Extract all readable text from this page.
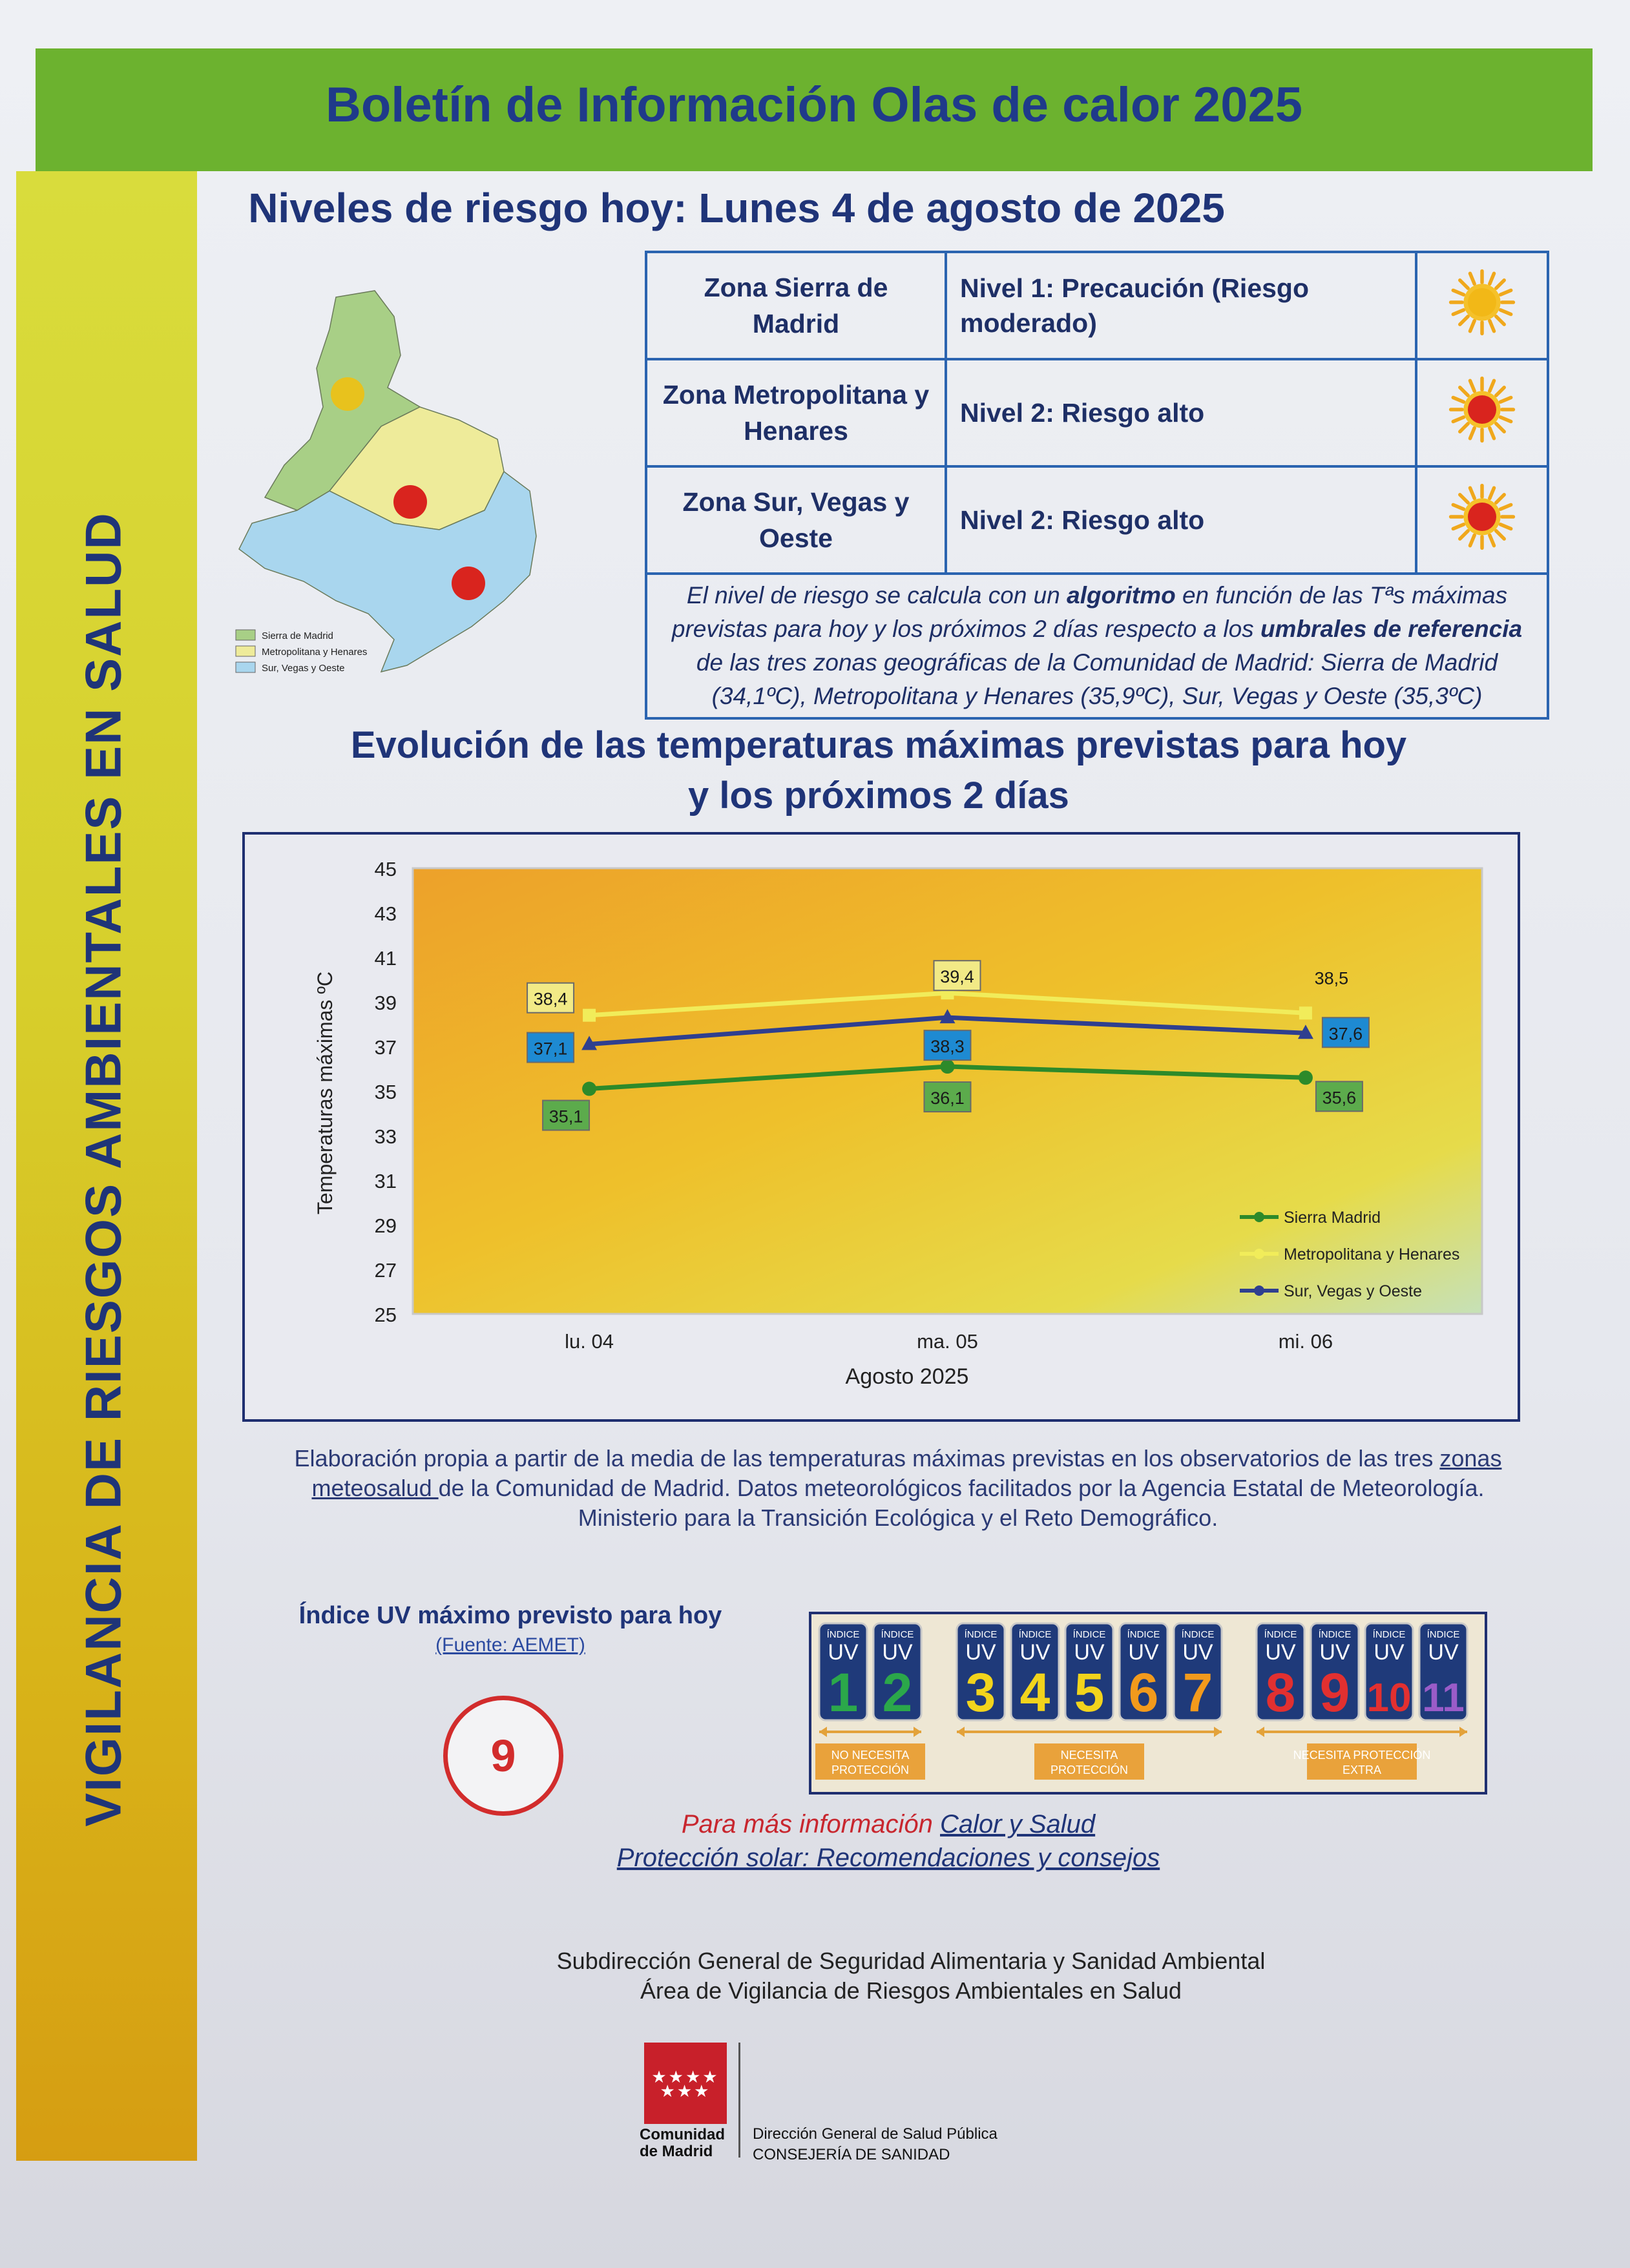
Boletín de Información Olas de calor 2025
VIGILANCIA DE RIESGOS AMBIENTALES EN SALUD
Niveles de riesgo hoy: Lunes 4 de agosto de 2025
Sierra de Madrid
Metropolitana y Henares
Sur, Vegas y Oeste
Zona Sierra de Madrid	Nivel 1: Precaución (Riesgo moderado)	
Zona Metropolitana y Henares	Nivel 2: Riesgo alto	
Zona Sur, Vegas y Oeste	Nivel 2: Riesgo alto	
El nivel de riesgo se calcula con un algoritmo en función de las Tªs máximas previstas para hoy y los próximos 2 días respecto a los umbrales de referencia de las tres zonas geográficas de la Comunidad de Madrid: Sierra de Madrid (34,1ºC), Metropolitana y Henares (35,9ºC), Sur, Vegas y Oeste (35,3ºC)		
Evolución de las temperaturas máximas previstas para hoy
y los próximos 2 días
25
27
29
31
33
35
37
39
41
43
45
lu. 04	ma. 05	mi. 06
35,1
36,1	35,6
38,4
39,4	38,5
37,1	38,3
37,6
Agosto 2025
Temperaturas máximas ºC
Sierra Madrid
Metropolitana y Henares
Sur, Vegas y Oeste
Elaboración propia a partir de la media de las temperaturas máximas previstas en los observatorios de las tres zonas meteosalud de la Comunidad de Madrid. Datos meteorológicos facilitados por la Agencia Estatal de Meteorología. Ministerio para la Transición Ecológica y el Reto Demográfico.
Índice UV máximo previsto para hoy
(Fuente: AEMET)
9
ÍNDICE
UV
1
ÍNDICE
UV
2
ÍNDICE
UV
3
ÍNDICE
UV
4
ÍNDICE
UV
5
ÍNDICE
UV
6
ÍNDICE
UV
7
ÍNDICE
UV
8
ÍNDICE
UV
9
ÍNDICE
UV
10
ÍNDICE
UV
11
NO NECESITA
PROTECCIÓN
NECESITA
PROTECCIÓN
NECESITA PROTECCIÓN
EXTRA
Para más información Calor y Salud
Protección solar: Recomendaciones y consejos
Subdirección General de Seguridad Alimentaria y Sanidad Ambiental
Área de Vigilancia de Riesgos Ambientales en Salud
★★★★ ★★★
Comunidad
de Madrid
Dirección General de Salud Pública
CONSEJERÍA DE SANIDAD
